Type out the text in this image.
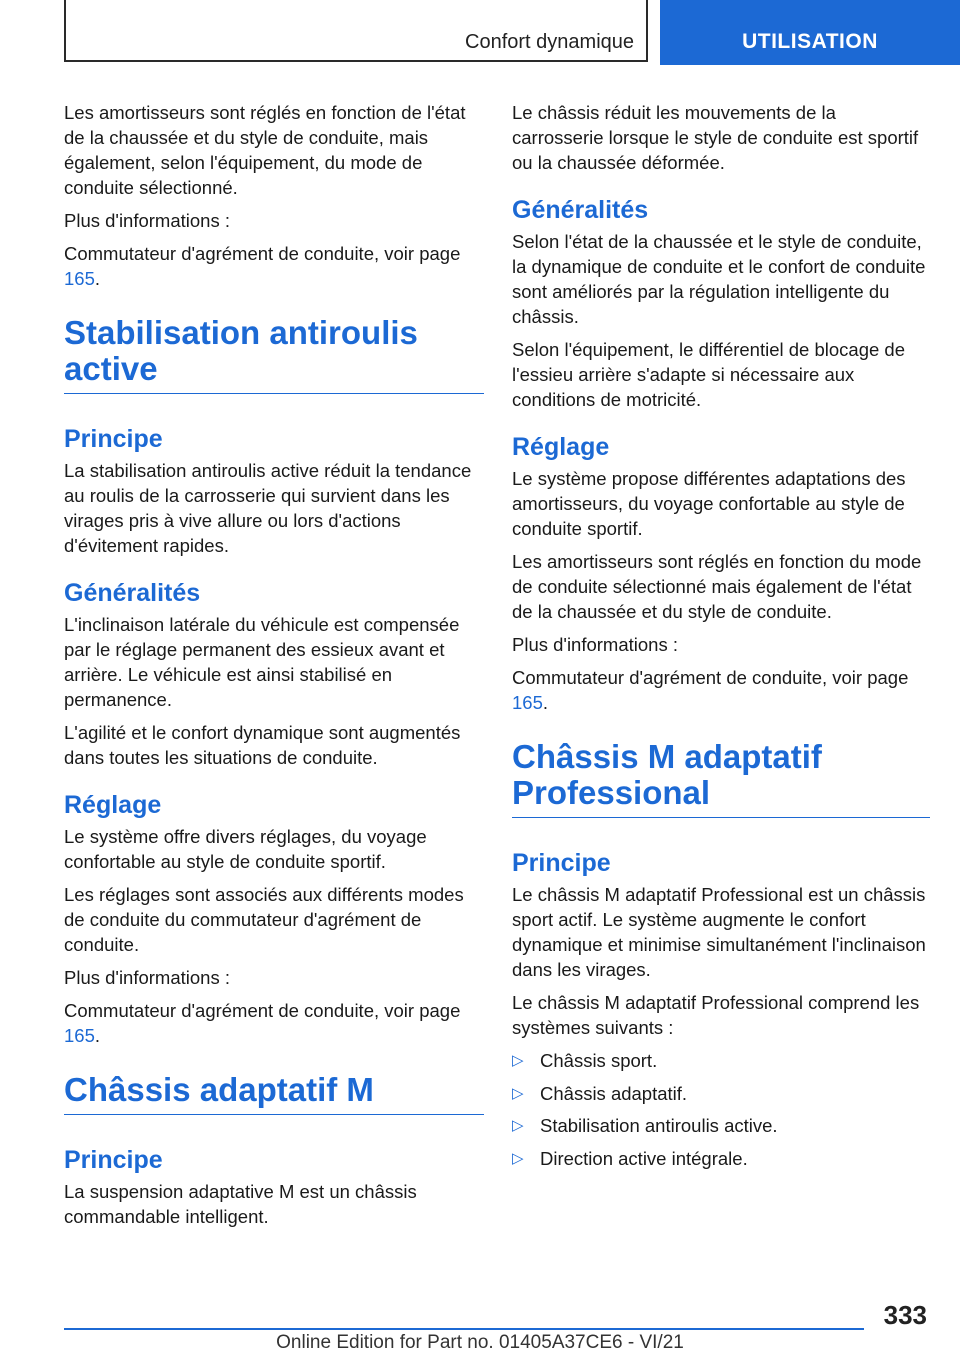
Confort dynamique	UTILISATION

Les amortisseurs sont réglés en fonction de l'état de la chaussée et du style de conduite, mais également, selon l'équipement, du mode de conduite sélectionné.

Plus d'informations :

Commutateur d'agrément de conduite, voir page 165.

Stabilisation antiroulis active
Principe

La stabilisation antiroulis active réduit la tendance au roulis de la carrosserie qui survient dans les virages pris à vive allure ou lors d'actions d'évitement rapides.

Généralités

L'inclinaison latérale du véhicule est compensée par le réglage permanent des essieux avant et arrière. Le véhicule est ainsi stabilisé en permanence.

L'agilité et le confort dynamique sont augmentés dans toutes les situations de conduite.

Réglage

Le système offre divers réglages, du voyage confortable au style de conduite sportif.

Les réglages sont associés aux différents modes de conduite du commutateur d'agrément de conduite.

Plus d'informations :

Commutateur d'agrément de conduite, voir page 165.

Châssis adaptatif M
Principe

La suspension adaptative M est un châssis commandable intelligent.

Le châssis réduit les mouvements de la carrosserie lorsque le style de conduite est sportif ou la chaussée déformée.

Généralités

Selon l'état de la chaussée et le style de conduite, la dynamique de conduite et le confort de conduite sont améliorés par la régulation intelligente du châssis.

Selon l'équipement, le différentiel de blocage de l'essieu arrière s'adapte si nécessaire aux conditions de motricité.

Réglage

Le système propose différentes adaptations des amortisseurs, du voyage confortable au style de conduite sportif.

Les amortisseurs sont réglés en fonction du mode de conduite sélectionné mais également de l'état de la chaussée et du style de conduite.

Plus d'informations :

Commutateur d'agrément de conduite, voir page 165.

Châssis M adaptatif Professional
Principe

Le châssis M adaptatif Professional est un châssis sport actif. Le système augmente le confort dynamique et minimise simultanément l'inclinaison dans les virages.

Le châssis M adaptatif Professional comprend les systèmes suivants :

▷ Châssis sport.
▷ Châssis adaptatif.
▷ Stabilisation antiroulis active.
▷ Direction active intégrale.
333
Online Edition for Part no. 01405A37CE6 - VI/21
